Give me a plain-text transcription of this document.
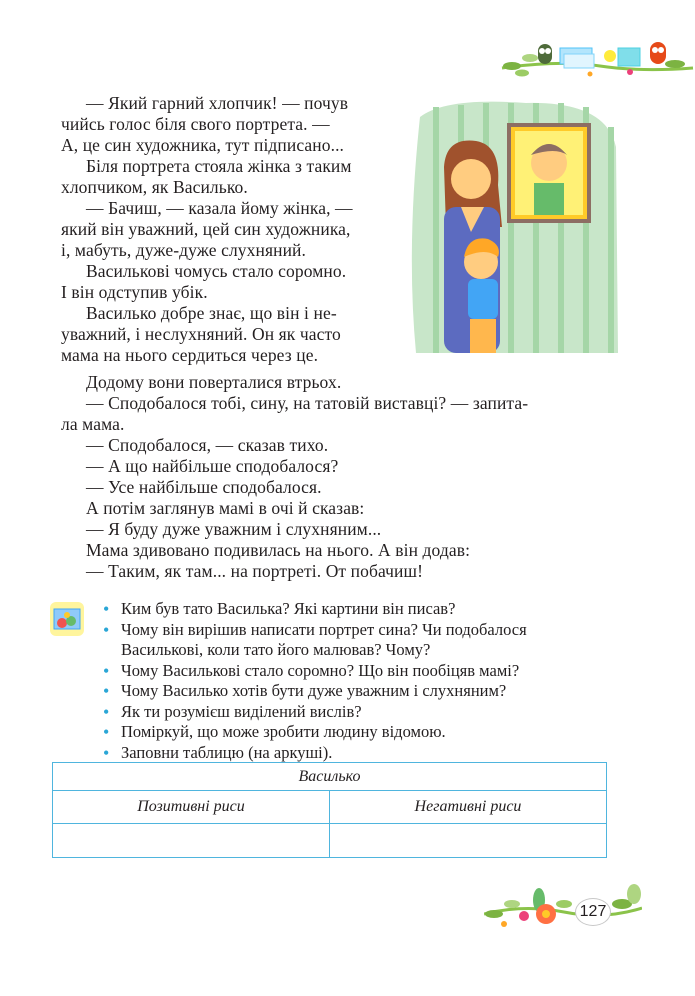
— Який гарний хлопчик! — почув

чийсь голос біля свого портрета. —

А, це син художника, тут підписано...

Біля портрета стояла жінка з таким

хлопчиком, як Василько.

— Бачиш, — казала йому жінка, —

який він уважний, цей син художника,

і, мабуть, дуже-дуже слухняний.

Василькові чомусь стало соромно.

І він одступив убік.

Василько добре знає, що він і не-

уважний, і неслухняний. Он як часто

мама на нього сердиться через це.

Додому вони поверталися втрьох.

— Сподобалося тобі, сину, на татовій виставці? — запита-

ла мама.

— Сподобалося, — сказав тихо.

— А що найбільше сподобалося?

— Усе найбільше сподобалося.

А потім заглянув мамі в очі й сказав:

— Я буду дуже уважним і слухняним...

Мама здивовано подивилась на нього. А він додав:

— Таким, як там... на портреті. От побачиш!

• Ким був тато Василька? Які картини він писав?
• Чому він вирішив написати портрет сина? Чи подобалося
Василькові, коли тато його малював? Чому?
• Чому Василькові стало соромно? Що він пообіцяв мамі?
• Чому Василько хотів бути дуже уважним і слухняним?
• Як ти розумієш виділений вислів?
• Поміркуй, що може зробити людину відомою.
• Заповни таблицю (на аркуші).
Василько	
Позитивні риси	Негативні риси

127
